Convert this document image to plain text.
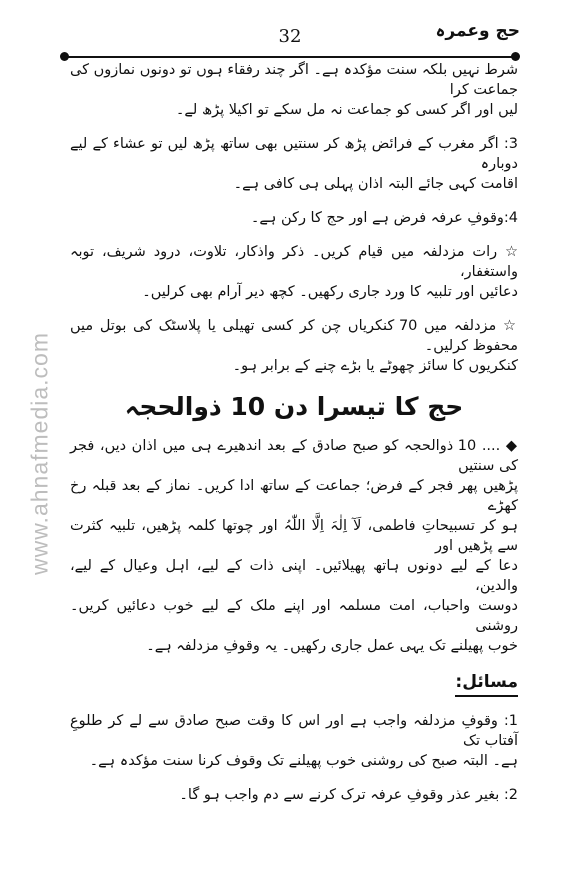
32	حج وعمرہ
www.ahnafmedia.com

شرط نہیں بلکہ سنت مؤکدہ ہے۔ اگر چند رفقاء ہوں تو دونوں نمازوں کی جماعت کرا

لیں اور اگر کسی کو جماعت نہ مل سکے تو اکیلا پڑھ لے۔

3: اگر مغرب کے فرائض پڑھ کر سنتیں بھی ساتھ پڑھ لیں تو عشاء کے لیے دوبارہ

اقامت کہی جائے البتہ اذان پہلی ہی کافی ہے۔

4:وقوفِ عرفہ فرض ہے اور حج کا رکن ہے۔

☆ رات مزدلفہ میں قیام کریں۔ ذکر واذکار، تلاوت، درود شریف، توبہ واستغفار،

دعائیں اور تلبیہ کا ورد جاری رکھیں۔ کچھ دیر آرام بھی کرلیں۔

☆ مزدلفہ میں 70 کنکریاں چن کر کسی تھیلی یا پلاسٹک کی بوتل میں محفوظ کرلیں۔

کنکریوں کا سائز چھوٹے یا بڑے چنے کے برابر ہو۔

حج کا تیسرا دن 10 ذوالحجہ

◆ .... 10 ذوالحجہ کو صبح صادق کے بعد اندھیرے ہی میں اذان دیں، فجر کی سنتیں

پڑھیں پھر فجر کے فرض؛ جماعت کے ساتھ ادا کریں۔ نماز کے بعد قبلہ رخ کھڑے

ہو کر تسبیحاتِ فاطمی، لَآ اِلٰہَ اِلَّا اللّٰہُ اور چوتھا کلمہ پڑھیں، تلبیہ کثرت سے پڑھیں اور

دعا کے لیے دونوں ہاتھ پھیلائیں۔ اپنی ذات کے لیے، اہل وعیال کے لیے، والدین،

دوست واحباب، امت مسلمہ اور اپنے ملک کے لیے خوب دعائیں کریں۔ روشنی

خوب پھیلنے تک یہی عمل جاری رکھیں۔ یہ وقوفِ مزدلفہ ہے۔

مسائل:

1: وقوفِ مزدلفہ واجب ہے اور اس کا وقت صبح صادق سے لے کر طلوعِ آفتاب تک

ہے۔ البتہ صبح کی روشنی خوب پھیلنے تک وقوف کرنا سنت مؤکدہ ہے۔

2: بغیر عذر وقوفِ عرفہ ترک کرنے سے دم واجب ہو گا۔
